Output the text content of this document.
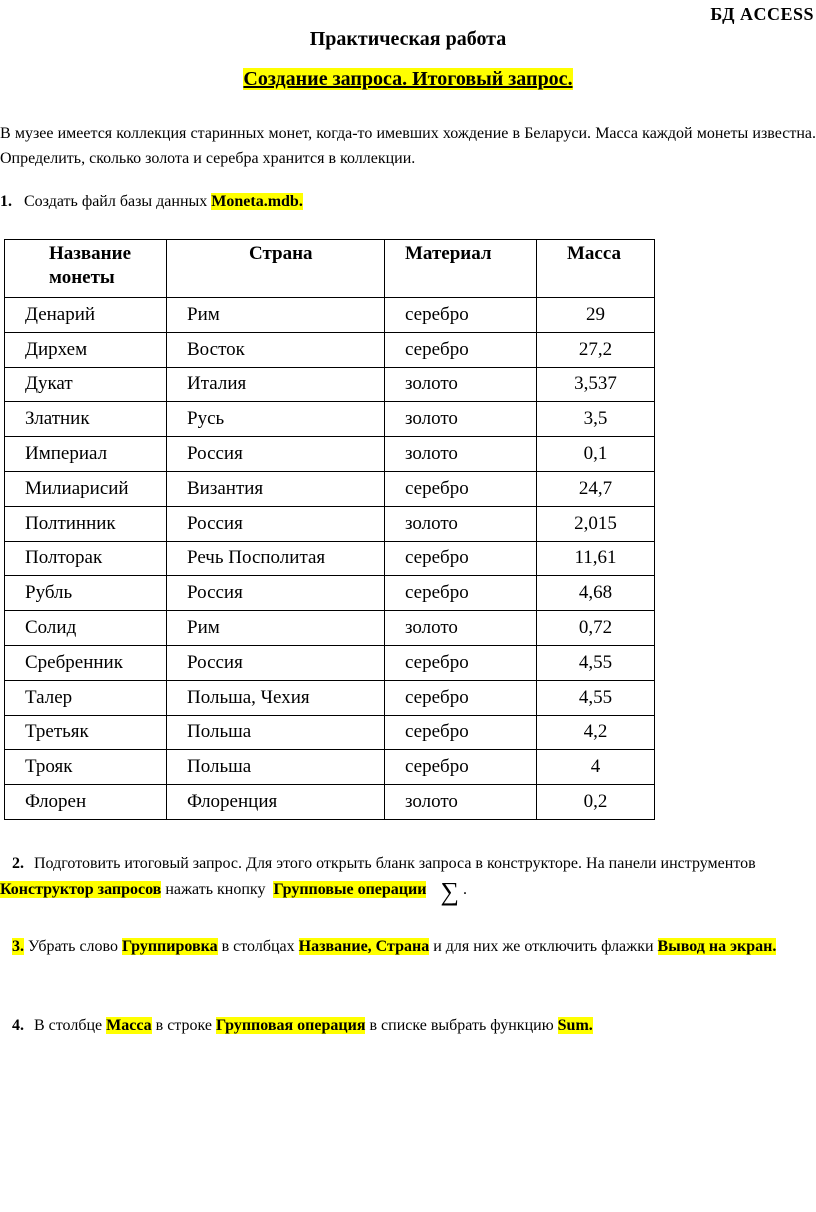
БД ACCESS
Практическая работа
Создание запроса. Итоговый запрос.
В музее имеется коллекция старинных монет, когда-то имевших хождение в Беларуси. Масса каждой монеты известна. Определить, сколько золота и серебра хранится в коллекции.
1. Создать файл базы данных Moneta.mdb.
Название монеты	Страна	Материал	Масса
Денарий	Рим	серебро	29
Дирхем	Восток	серебро	27,2
Дукат	Италия	золото	3,537
Златник	Русь	золото	3,5
Империал	Россия	золото	0,1
Милиарисий	Византия	серебро	24,7
Полтинник	Россия	золото	2,015
Полторак	Речь Посполитая	серебро	11,61
Рубль	Россия	серебро	4,68
Солид	Рим	золото	0,72
Сребренник	Россия	серебро	4,55
Талер	Польша, Чехия	серебро	4,55
Третьяк	Польша	серебро	4,2
Трояк	Польша	серебро	4
Флорен	Флоренция	золото	0,2
2. Подготовить итоговый запрос. Для этого открыть бланк запроса в конструкторе. На панели инструментов Конструктор запросов нажать кнопку Групповые операции ∑ .
3. Убрать слово Группировка в столбцах Название, Страна и для них же отключить флажки Вывод на экран.
4. В столбце Масса в строке Групповая операция в списке выбрать функцию Sum.
